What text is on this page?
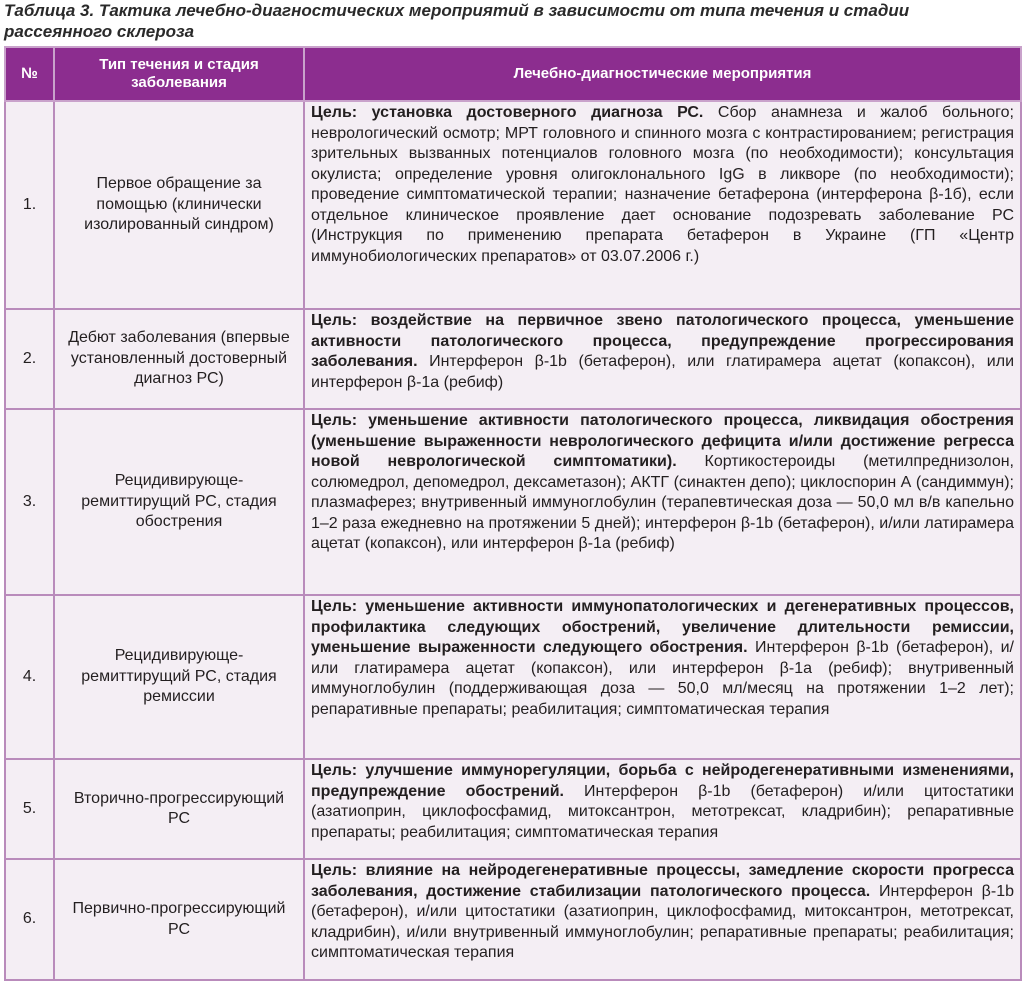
Таблица 3. Тактика лечебно-диагностических мероприятий в зависимости от типа течения и стадии рассеянного склероза
№	Тип течения и стадия заболевания	Лечебно-диагностические мероприятия
1.	Первое обращение за помощью (клинически изолированный синдром)	Цель: установка достоверного диагноза РС. Сбор анамнеза и жалоб больного; неврологический осмотр; МРТ головного и спинного мозга с контрастированием; регистрация зрительных вызванных потенциалов головного мозга (по необходимости); консультация окулиста; определение уровня олигоклонального IgG в ликворе (по необходимости); проведение симптоматической терапии; назначение бетаферона (интерферона β-1б), если отдельное клиническое проявление дает основание подозревать заболевание РС (Инструкция по применению препарата бетаферон в Украине (ГП «Центр иммунобиологических препаратов» от 03.07.2006 г.)
2.	Дебют заболевания (впервые установленный достоверный диагноз РС)	Цель: воздействие на первичное звено патологического процесса, уменьшение активности патологического процесса, предупреждение прогрессирования заболевания. Интерферон β-1b (бетаферон), или глатирамера ацетат (копаксон), или интерферон β-1а (ребиф)
3.	Рецидивирующе-ремиттирущий РС, стадия обострения	Цель: уменьшение активности патологического процесса, ликвидация обострения (уменьшение выраженности неврологического дефицита и/или достижение регресса новой неврологической симптоматики). Кортикостероиды (метилпреднизолон, солюмедрол, депомедрол, дексаметазон); АКТГ (синактен депо); циклоспорин А (сандиммун); плазмаферез; внутривенный иммуноглобулин (терапевтическая доза — 50,0 мл в/в капельно 1–2 раза ежедневно на протяжении 5 дней); интерферон β-1b (бетаферон), и/или латирамера ацетат (копаксон), или интерферон β-1а (ребиф)
4.	Рецидивирующе-ремиттирущий РС, стадия ремиссии	Цель: уменьшение активности иммунопатологических и дегенеративных процессов, профилактика следующих обострений, увеличение длительности ремиссии, уменьшение выраженности следующего обострения. Интерферон β-1b (бетаферон), и/или глатирамера ацетат (копаксон), или интерферон β-1а (ребиф); внутривенный иммуноглобулин (поддерживающая доза — 50,0 мл/месяц на протяжении 1–2 лет); репаративные препараты; реабилитация; симптоматическая терапия
5.	Вторично-прогрессирующий РС	Цель: улучшение иммунорегуляции, борьба с нейродегенеративными изменениями, предупреждение обострений. Интерферон β-1b (бетаферон) и/или цитостатики (азатиоприн, циклофосфамид, митоксантрон, метотрексат, кладрибин); репаративные препараты; реабилитация; симптоматическая терапия
6.	Первично-прогрессирующий РС	Цель: влияние на нейродегенеративные процессы, замедление скорости прогресса заболевания, достижение стабилизации патологического процесса. Интерферон β-1b (бетаферон), и/или цитостатики (азатиоприн, циклофосфамид, митоксантрон, метотрексат, кладрибин), и/или внутривенный иммуноглобулин; репаративные препараты; реабилитация; симптоматическая терапия
